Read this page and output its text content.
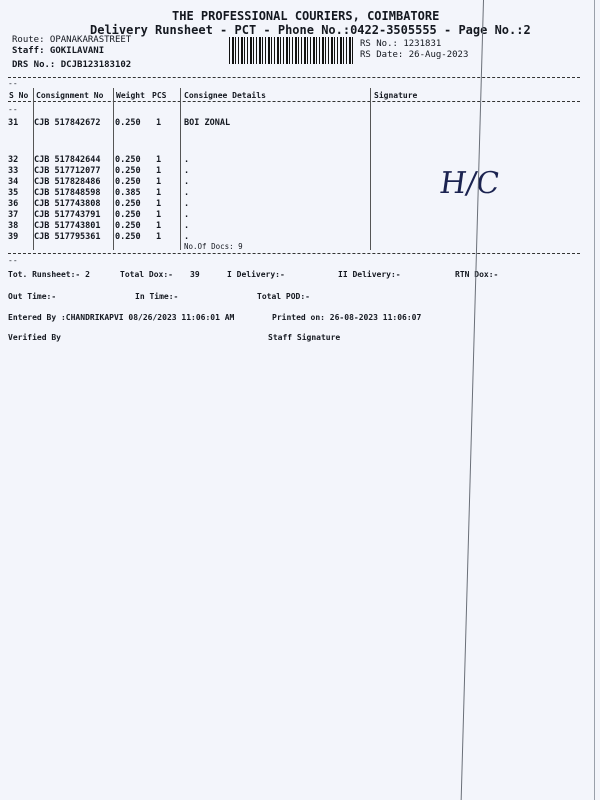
THE PROFESSIONAL COURIERS, COIMBATORE
Delivery Runsheet - PCT - Phone No.:0422-3505555 - Page No.:2
Route: OPANAKARASTREET
Staff: GOKILAVANI
DRS No.: DCJB123183102
RS No.: 1231831
RS Date: 26-Aug-2023
--
S No Consignment No Weight PCS Consignee Details	Signature
--
31 CJB 517842672 0.250 1	BOI ZONAL
32 CJB 517842644 0.250 1	.
33 CJB 517712077 0.250 1	.
34 CJB 517828486 0.250 1	.
35 CJB 517848598 0.385 1	.
36 CJB 517743808 0.250 1	.
37 CJB 517743791 0.250 1	.
38 CJB 517743801 0.250 1	.
39 CJB 517795361 0.250 1	.
No.Of Docs: 9
H/C
--
Tot. Runsheet:- 2	Total Dox:- 39	I Delivery:-	II Delivery:-	RTN Dox:-
Out Time:-	In Time:-	Total POD:-
Entered By :CHANDRIKAPVI 08/26/2023 11:06:01 AM	Printed on: 26-08-2023 11:06:07
Verified By	Staff Signature
